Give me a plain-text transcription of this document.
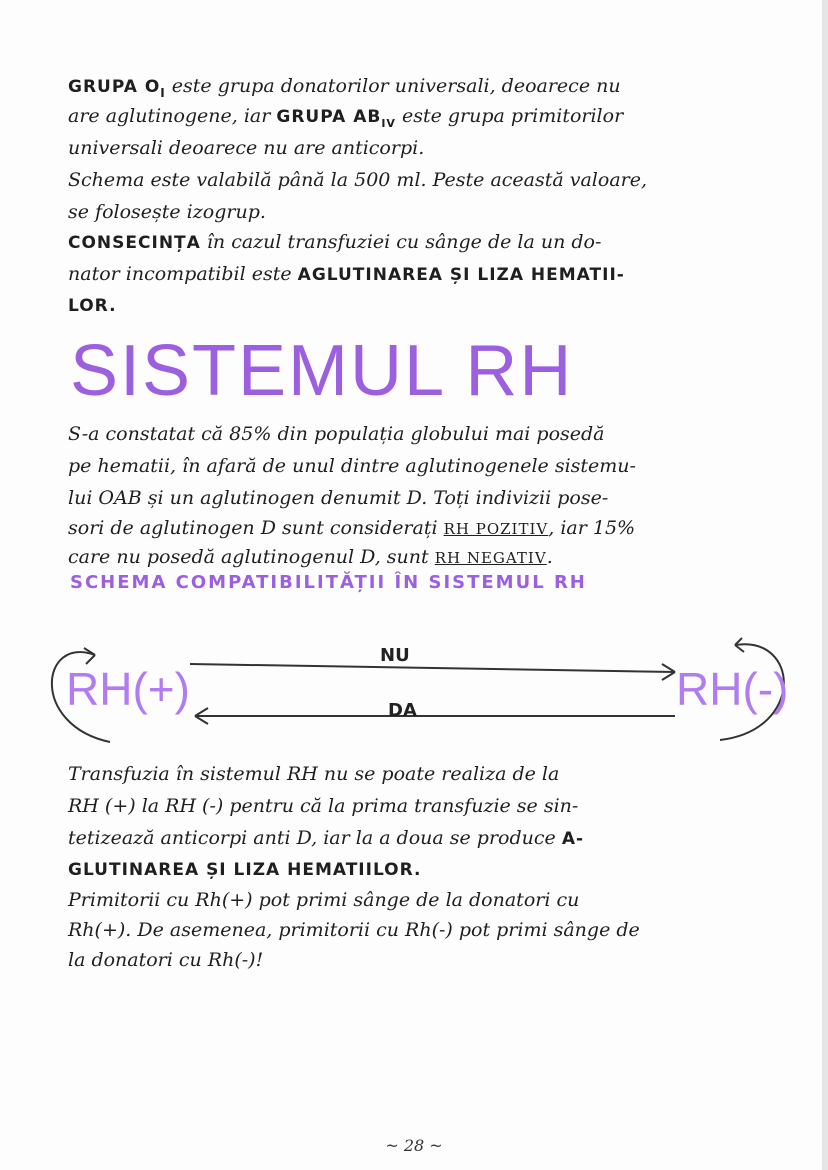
GRUPA $O_I$ este grupa donatorilor universali, deoarece nu
are aglutinogene, iar GRUPA $AB_{IV}$ este grupa primitorilor
universali deoarece nu are anticorpi.
Schema este valabilă până la 500 ml. Peste această valoare,
se folosește izogrup.
CONSECINȚA în cazul transfuziei cu sânge de la un do-
nator incompatibil este AGLUTINAREA ȘI LIZA HEMATII-
LOR.
SISTEMUL RH
S-a constatat că 85% din populația globului mai posedă
pe hematii, în afară de unul dintre aglutinogenele sistemu-
lui OAB și un aglutinogen denumit D. Toți indivizii pose-
sori de aglutinogen D sunt considerați RH POZITIV, iar 15%
care nu posedă aglutinogenul D, sunt RH NEGATIV.
SCHEMA COMPATIBILITĂȚII ÎN SISTEMUL RH
RH(+)	RH(-)
NU
DA
Transfuzia în sistemul RH nu se poate realiza de la
RH (+) la RH (-) pentru că la prima transfuzie se sin-
tetizează anticorpi anti D, iar la a doua se produce A-
GLUTINAREA ȘI LIZA HEMATIILOR.
Primitorii cu Rh(+) pot primi sânge de la donatori cu
Rh(+). De asemenea, primitorii cu Rh(-) pot primi sânge de
la donatori cu Rh(-)!
~ 28 ~
